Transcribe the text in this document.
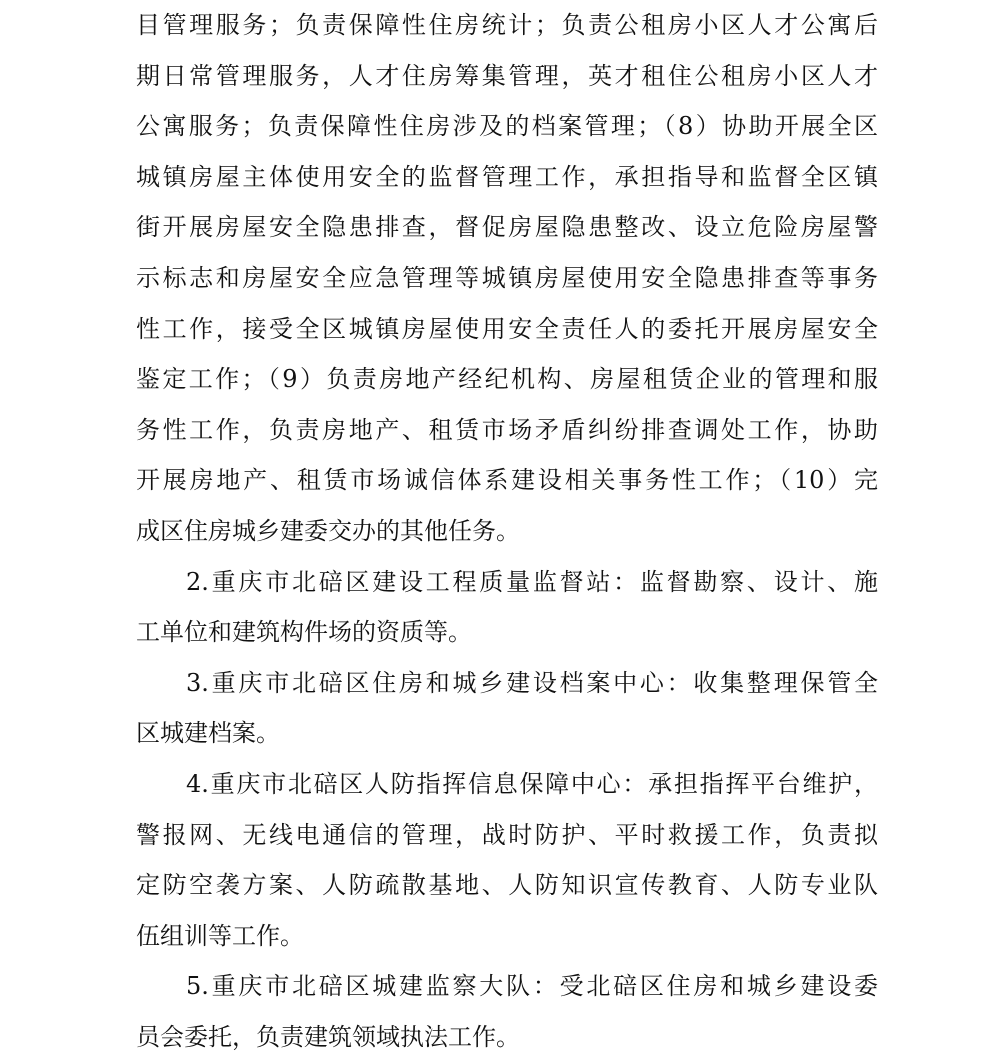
目管理服务；负责保障性住房统计；负责公租房小区人才公寓后
期日常管理服务，人才住房筹集管理，英才租住公租房小区人才
公寓服务；负责保障性住房涉及的档案管理；（8）协助开展全区
城镇房屋主体使用安全的监督管理工作，承担指导和监督全区镇
街开展房屋安全隐患排查，督促房屋隐患整改、设立危险房屋警
示标志和房屋安全应急管理等城镇房屋使用安全隐患排查等事务
性工作，接受全区城镇房屋使用安全责任人的委托开展房屋安全
鉴定工作；（9）负责房地产经纪机构、房屋租赁企业的管理和服
务性工作，负责房地产、租赁市场矛盾纠纷排查调处工作，协助
开展房地产、租赁市场诚信体系建设相关事务性工作；（10）完
成区住房城乡建委交办的其他任务。
2.重庆市北碚区建设工程质量监督站：监督勘察、设计、施
工单位和建筑构件场的资质等。
3.重庆市北碚区住房和城乡建设档案中心：收集整理保管全
区城建档案。
4.重庆市北碚区人防指挥信息保障中心：承担指挥平台维护，
警报网、无线电通信的管理，战时防护、平时救援工作，负责拟
定防空袭方案、人防疏散基地、人防知识宣传教育、人防专业队
伍组训等工作。
5.重庆市北碚区城建监察大队：受北碚区住房和城乡建设委
员会委托，负责建筑领域执法工作。
